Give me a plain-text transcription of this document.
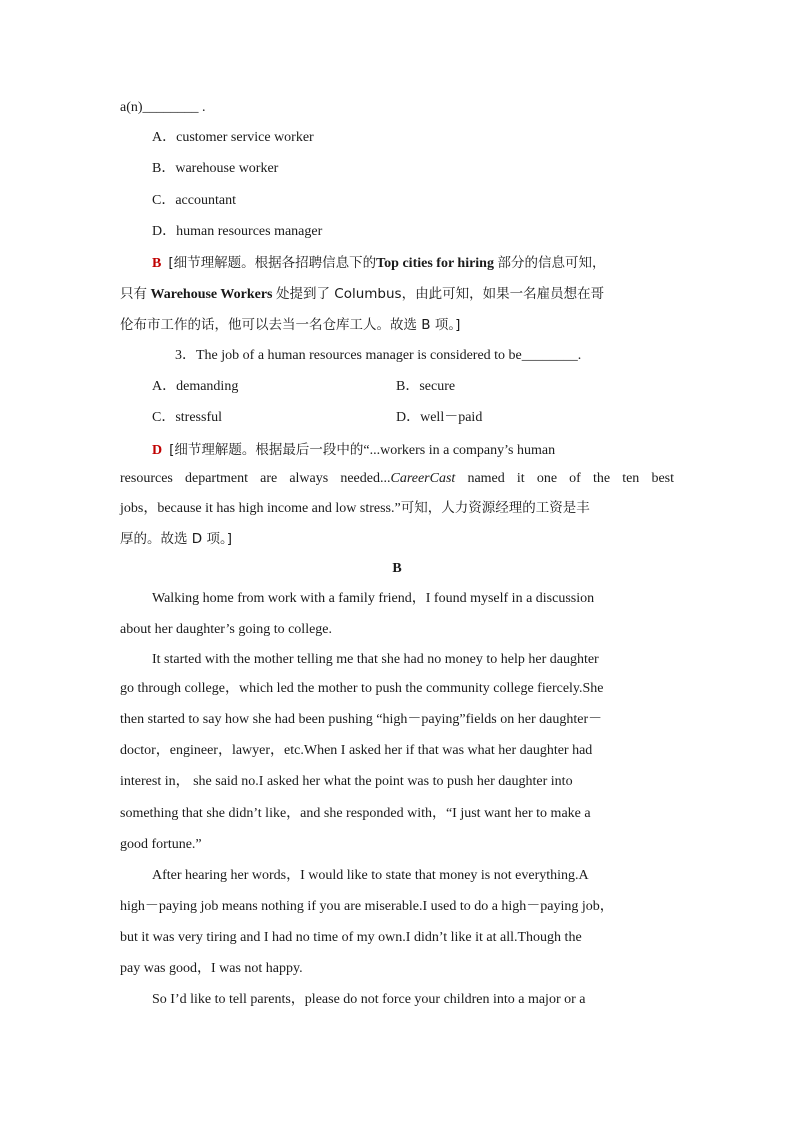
a(n)________ .
A．customer service worker
B．warehouse worker
C．accountant
D．human resources manager
B [细节理解题。根据各招聘信息下的Top cities for hiring 部分的信息可知，
只有 Warehouse Workers 处提到了 Columbus，由此可知，如果一名雇员想在哥
伦布市工作的话，他可以去当一名仓库工人。故选 B 项。]
3．The job of a human resources manager is considered to be________.
A．demanding	B．secure
C．stressful	D．well－paid
D [细节理解题。根据最后一段中的“...workers in a company’s human
resources department are always needed...CareerCast named it one of the ten best
jobs，because it has high income and low stress.”可知，人力资源经理的工资是丰
厚的。故选 D 项。]
B
Walking home from work with a family friend，I found myself in a discussion
about her daughter’s going to college.
It started with the mother telling me that she had no money to help her daughter
go through college，which led the mother to push the community college fiercely.She
then started to say how she had been pushing “high－paying”fields on her daughter－
doctor，engineer，lawyer，etc.When I asked her if that was what her daughter had
interest in， she said no.I asked her what the point was to push her daughter into
something that she didn’t like，and she responded with，“I just want her to make a
good fortune.”
After hearing her words，I would like to state that money is not everything.A
high－paying job means nothing if you are miserable.I used to do a high－paying job，
but it was very tiring and I had no time of my own.I didn’t like it at all.Though the
pay was good，I was not happy.
So I’d like to tell parents，please do not force your children into a major or a
